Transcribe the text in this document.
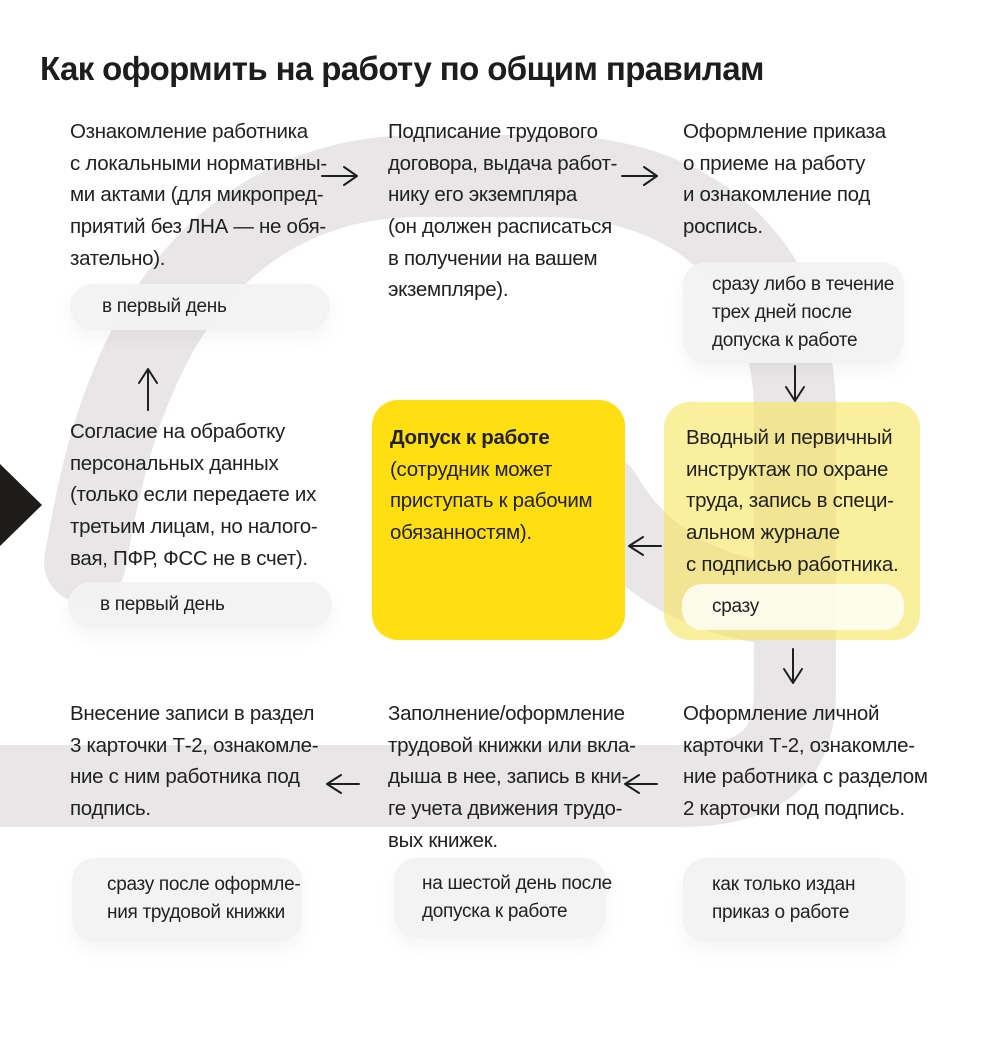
Как оформить на работу по общим правилам
Допуск к работе
(сотрудник может
приступать к рабочим
обязанностям).
Вводный и первичный
инструктаж по охране
труда, запись в специ-
альном журнале
с подписью работника.
сразу
Ознакомление работника
с локальными нормативны-
ми актами (для микропред-
приятий без ЛНА — не обя-
зательно).
в первый день
Подписание трудового
договора, выдача работ-
нику его экземпляра
(он должен расписаться
в получении на вашем
экземпляре).
Оформление приказа
о приеме на работу
и ознакомление под
роспись.
сразу либо в течение
трех дней после
допуска к работе
Согласие на обработку
персональных данных
(только если передаете их
третьим лицам, но налого-
вая, ПФР, ФСС не в счет).
в первый день
Внесение записи в раздел
3 карточки Т-2, ознакомле-
ние с ним работника под
подпись.
сразу после оформле-
ния трудовой книжки
Заполнение/оформление
трудовой книжки или вкла-
дыша в нее, запись в кни-
ге учета движения трудо-
вых книжек.
на шестой день после
допуска к работе
Оформление личной
карточки Т-2, ознакомле-
ние работника с разделом
2 карточки под подпись.
как только издан
приказ о работе
